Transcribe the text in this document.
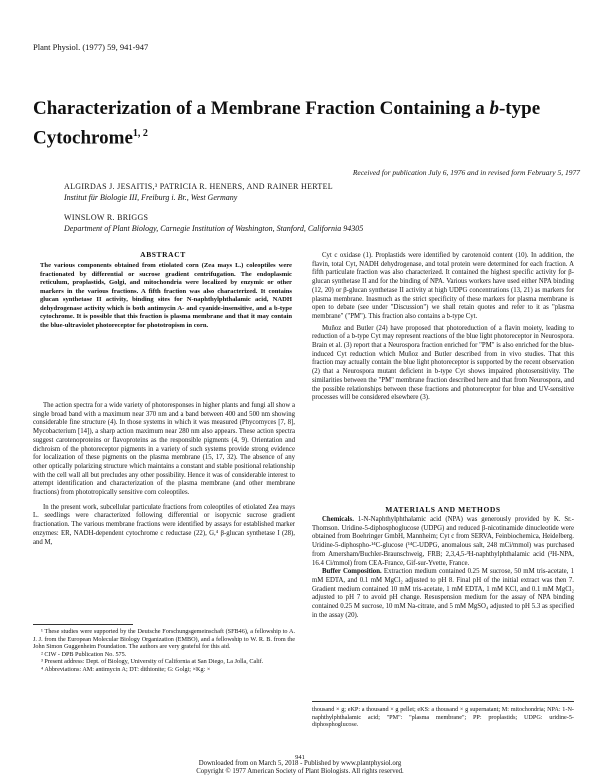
Plant Physiol. (1977) 59, 941-947
Characterization of a Membrane Fraction Containing a b-type Cytochrome$^{1, 2}$
Received for publication July 6, 1976 and in revised form February 5, 1977
ALGIRDAS J. JESAITIS,³ PATRICIA R. HENERS, AND RAINER HERTEL
Institut für Biologie III, Freiburg i. Br., West Germany
WINSLOW R. BRIGGS
Department of Plant Biology, Carnegie Institution of Washington, Stanford, California 94305
ABSTRACT
The various components obtained from etiolated corn (Zea mays L.) coleoptiles were fractionated by differential or sucrose gradient centrifugation. The endoplasmic reticulum, proplastids, Golgi, and mitochondria were localized by enzymic or other markers in the various fractions. A fifth fraction was also characterized. It contains glucan synthetase II activity, binding sites for N-naphthylphthalamic acid, NADH dehydrogenase activity which is both antimycin A- and cyanide-insensitive, and a b-type cytochrome. It is possible that this fraction is plasma membrane and that it may contain the blue-ultraviolet photoreceptor for phototropism in corn.

The action spectra for a wide variety of photoresponses in higher plants and fungi all show a single broad band with a maximum near 370 nm and a band between 400 and 500 nm showing considerable fine structure (4). In those systems in which it was measured (Phycomyces [7, 8], Mycobacterium [14]), a sharp action maximum near 280 nm also appears. These action spectra suggest carotenoproteins or flavoproteins as the responsible pigments (4, 9). Orientation and dichroism of the photoreceptor pigments in a variety of such systems provide strong evidence for localization of these pigments on the plasma membrane (15, 17, 32). The absence of any other optically polarizing structure which maintains a constant and stable positional relationship with the cell wall all but precludes any other possibility. Hence it was of considerable interest to attempt identification and characterization of the plasma membrane (and other membrane fractions) from phototropically sensitive corn coleoptiles.

In the present work, subcellular particulate fractions from coleoptiles of etiolated Zea mays L. seedlings were characterized following differential or isopycnic sucrose gradient fractionation. The various membrane fractions were identified by assays for established marker enzymes: ER, NADH-dependent cytochrome c reductase (22), G,⁴ β-glucan synthetase I (28), and M,

Cyt c oxidase (1). Proplastids were identified by carotenoid content (10). In addition, the flavin, total Cyt, NADH dehydrogenase, and total protein were determined for each fraction. A fifth particulate fraction was also characterized. It contained the highest specific activity for β-glucan synthetase II and for the binding of NPA. Various workers have used either NPA binding (12, 20) or β-glucan synthetase II activity at high UDPG concentrations (13, 21) as markers for plasma membrane. Inasmuch as the strict specificity of these markers for plasma membrane is open to debate (see under "Discussion") we shall retain quotes and refer to it as "plasma membrane" ("PM"). This fraction also contains a b-type Cyt.

Muñoz and Butler (24) have proposed that photoreduction of a flavin moiety, leading to reduction of a b-type Cyt may represent reactions of the blue light photoreceptor in Neurospora. Brain et al. (3) report that a Neurospora fraction enriched for "PM" is also enriched for the blue-induced Cyt reduction which Muñoz and Butler described from in vivo studies. That this fraction may actually contain the blue light photoreceptor is supported by the recent observation (2) that a Neurospora mutant deficient in b-type Cyt shows impaired photosensitivity. The similarities between the "PM" membrane fraction described here and that from Neurospora, and the possible relationships between these fractions and photoreceptor for blue and UV-sensitive processes will be considered elsewhere (3).

MATERIALS AND METHODS

Chemicals. 1-N-Naphthylphthalamic acid (NPA) was generously provided by K. Sr.-Thomson. Uridine-5-diphosphoglucose (UDPG) and reduced β-nicotinamide dinucleotide were obtained from Boehringer GmbH, Mannheim; Cyt c from SERVA, Feinbiochemica, Heidelberg. Uridine-5-diphospho-¹⁴C-glucose (¹⁴C-UDPG, anomalous salt, 248 mCi/mmol) was purchased from Amersham/Buchler-Braunschweig, FRB; 2,3,4,5-³H-naphthylphthalamic acid (³H-NPA, 16.4 Ci/mmol) from CEA-France, Gif-sur-Yvette, France.

Buffer Composition. Extraction medium contained 0.25 M sucrose, 50 mM tris-acetate, 1 mM EDTA, and 0.1 mM MgCl₂ adjusted to pH 8. Final pH of the initial extract was then 7. Gradient medium contained 10 mM tris-acetate, 1 mM EDTA, 1 mM KCl, and 0.1 mM MgCl₂ adjusted to pH 7 to avoid pH change. Resuspension medium for the assay of NPA binding contained 0.25 M sucrose, 10 mM Na-citrate, and 5 mM MgSO₄ adjusted to pH 5.3 as specified in the assay (20).

¹ These studies were supported by the Deutsche Forschungsgemeinschaft (SFB46), a fellowship to A. J. J. from the European Molecular Biology Organization (EMBO), and a fellowship to W. R. B. from the John Simon Guggenheim Foundation. The authors are very grateful for this aid.

² CIW - DPB Publication No. 575.

³ Present address: Dept. of Biology, University of California at San Diego, La Jolla, Calif.

⁴ Abbreviations: AM: antimycin A; DT: dithionite; G: Golgi; ×Kg: ×

thousand × g; eKP: a thousand × g pellet; eKS: a thousand × g supernatant; M: mitochondria; NPA: 1-N-naphthylphthalamic acid; "PM": "plasma membrane"; PP: proplastids; UDPG: uridine-5-diphosphoglucose.

941
Downloaded from on March 5, 2018 - Published by www.plantphysiol.org
Copyright © 1977 American Society of Plant Biologists. All rights reserved.
